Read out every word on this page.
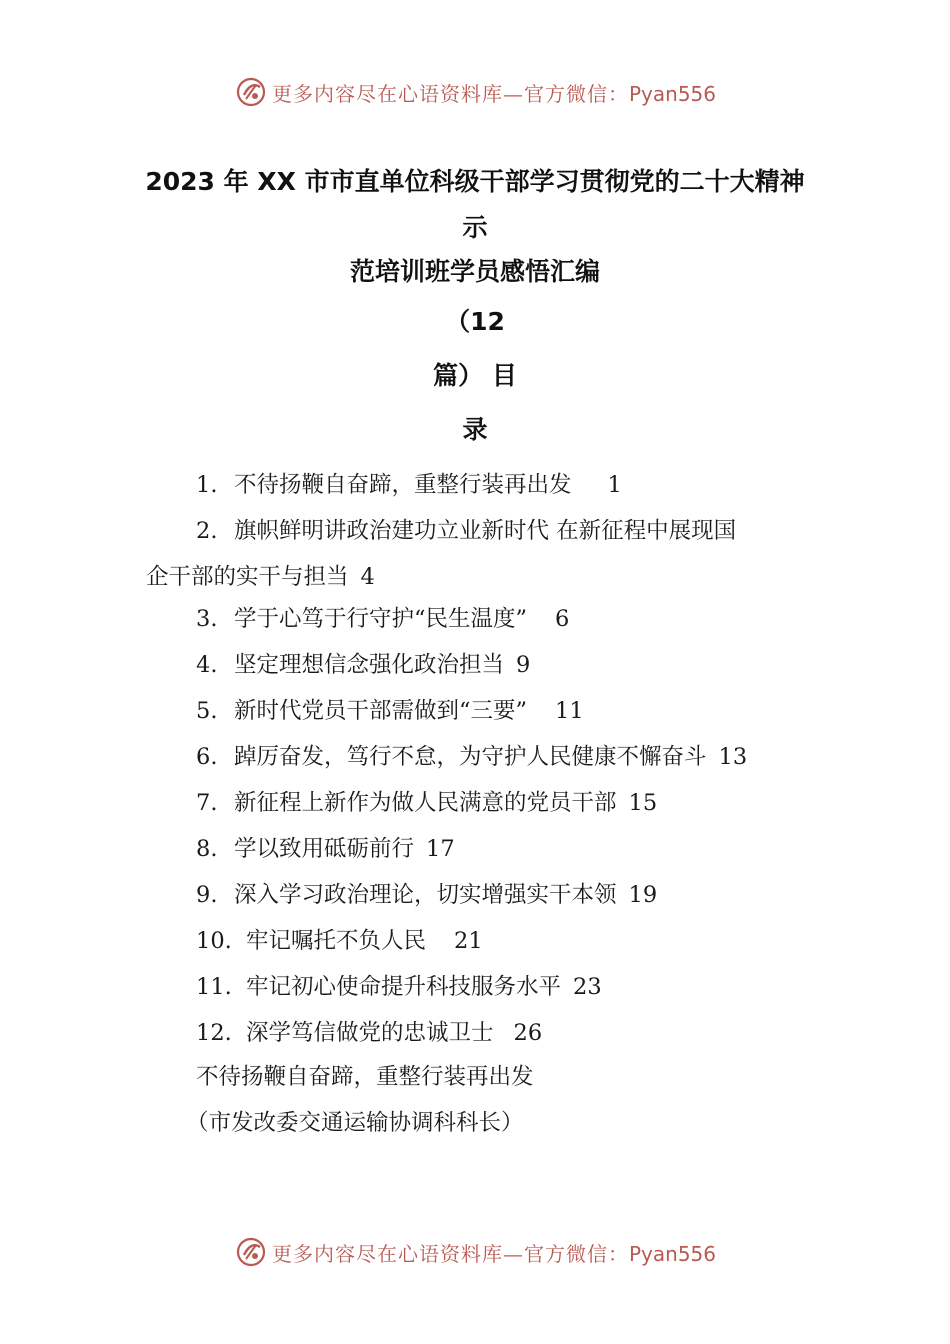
更多内容尽在心语资料库—官方微信：Pyan556
2023 年 XX 市市直单位科级干部学习贯彻党的二十大精神
示
范培训班学员感悟汇编
（12
篇） 目
录
1. 不待扬鞭自奋蹄，重整行装再出发 1
2. 旗帜鲜明讲政治建功立业新时代 在新征程中展现国
企干部的实干与担当 4
3. 学于心笃于行守护“民生温度” 6
4. 坚定理想信念强化政治担当 9
5. 新时代党员干部需做到“三要” 11
6. 踔厉奋发，笃行不怠，为守护人民健康不懈奋斗 13
7. 新征程上新作为做人民满意的党员干部 15
8. 学以致用砥砺前行 17
9. 深入学习政治理论，切实增强实干本领 19
10. 牢记嘱托不负人民 21
11. 牢记初心使命提升科技服务水平 23
12. 深学笃信做党的忠诚卫士 26
不待扬鞭自奋蹄，重整行装再出发
（市发改委交通运输协调科科长）
更多内容尽在心语资料库—官方微信：Pyan556
